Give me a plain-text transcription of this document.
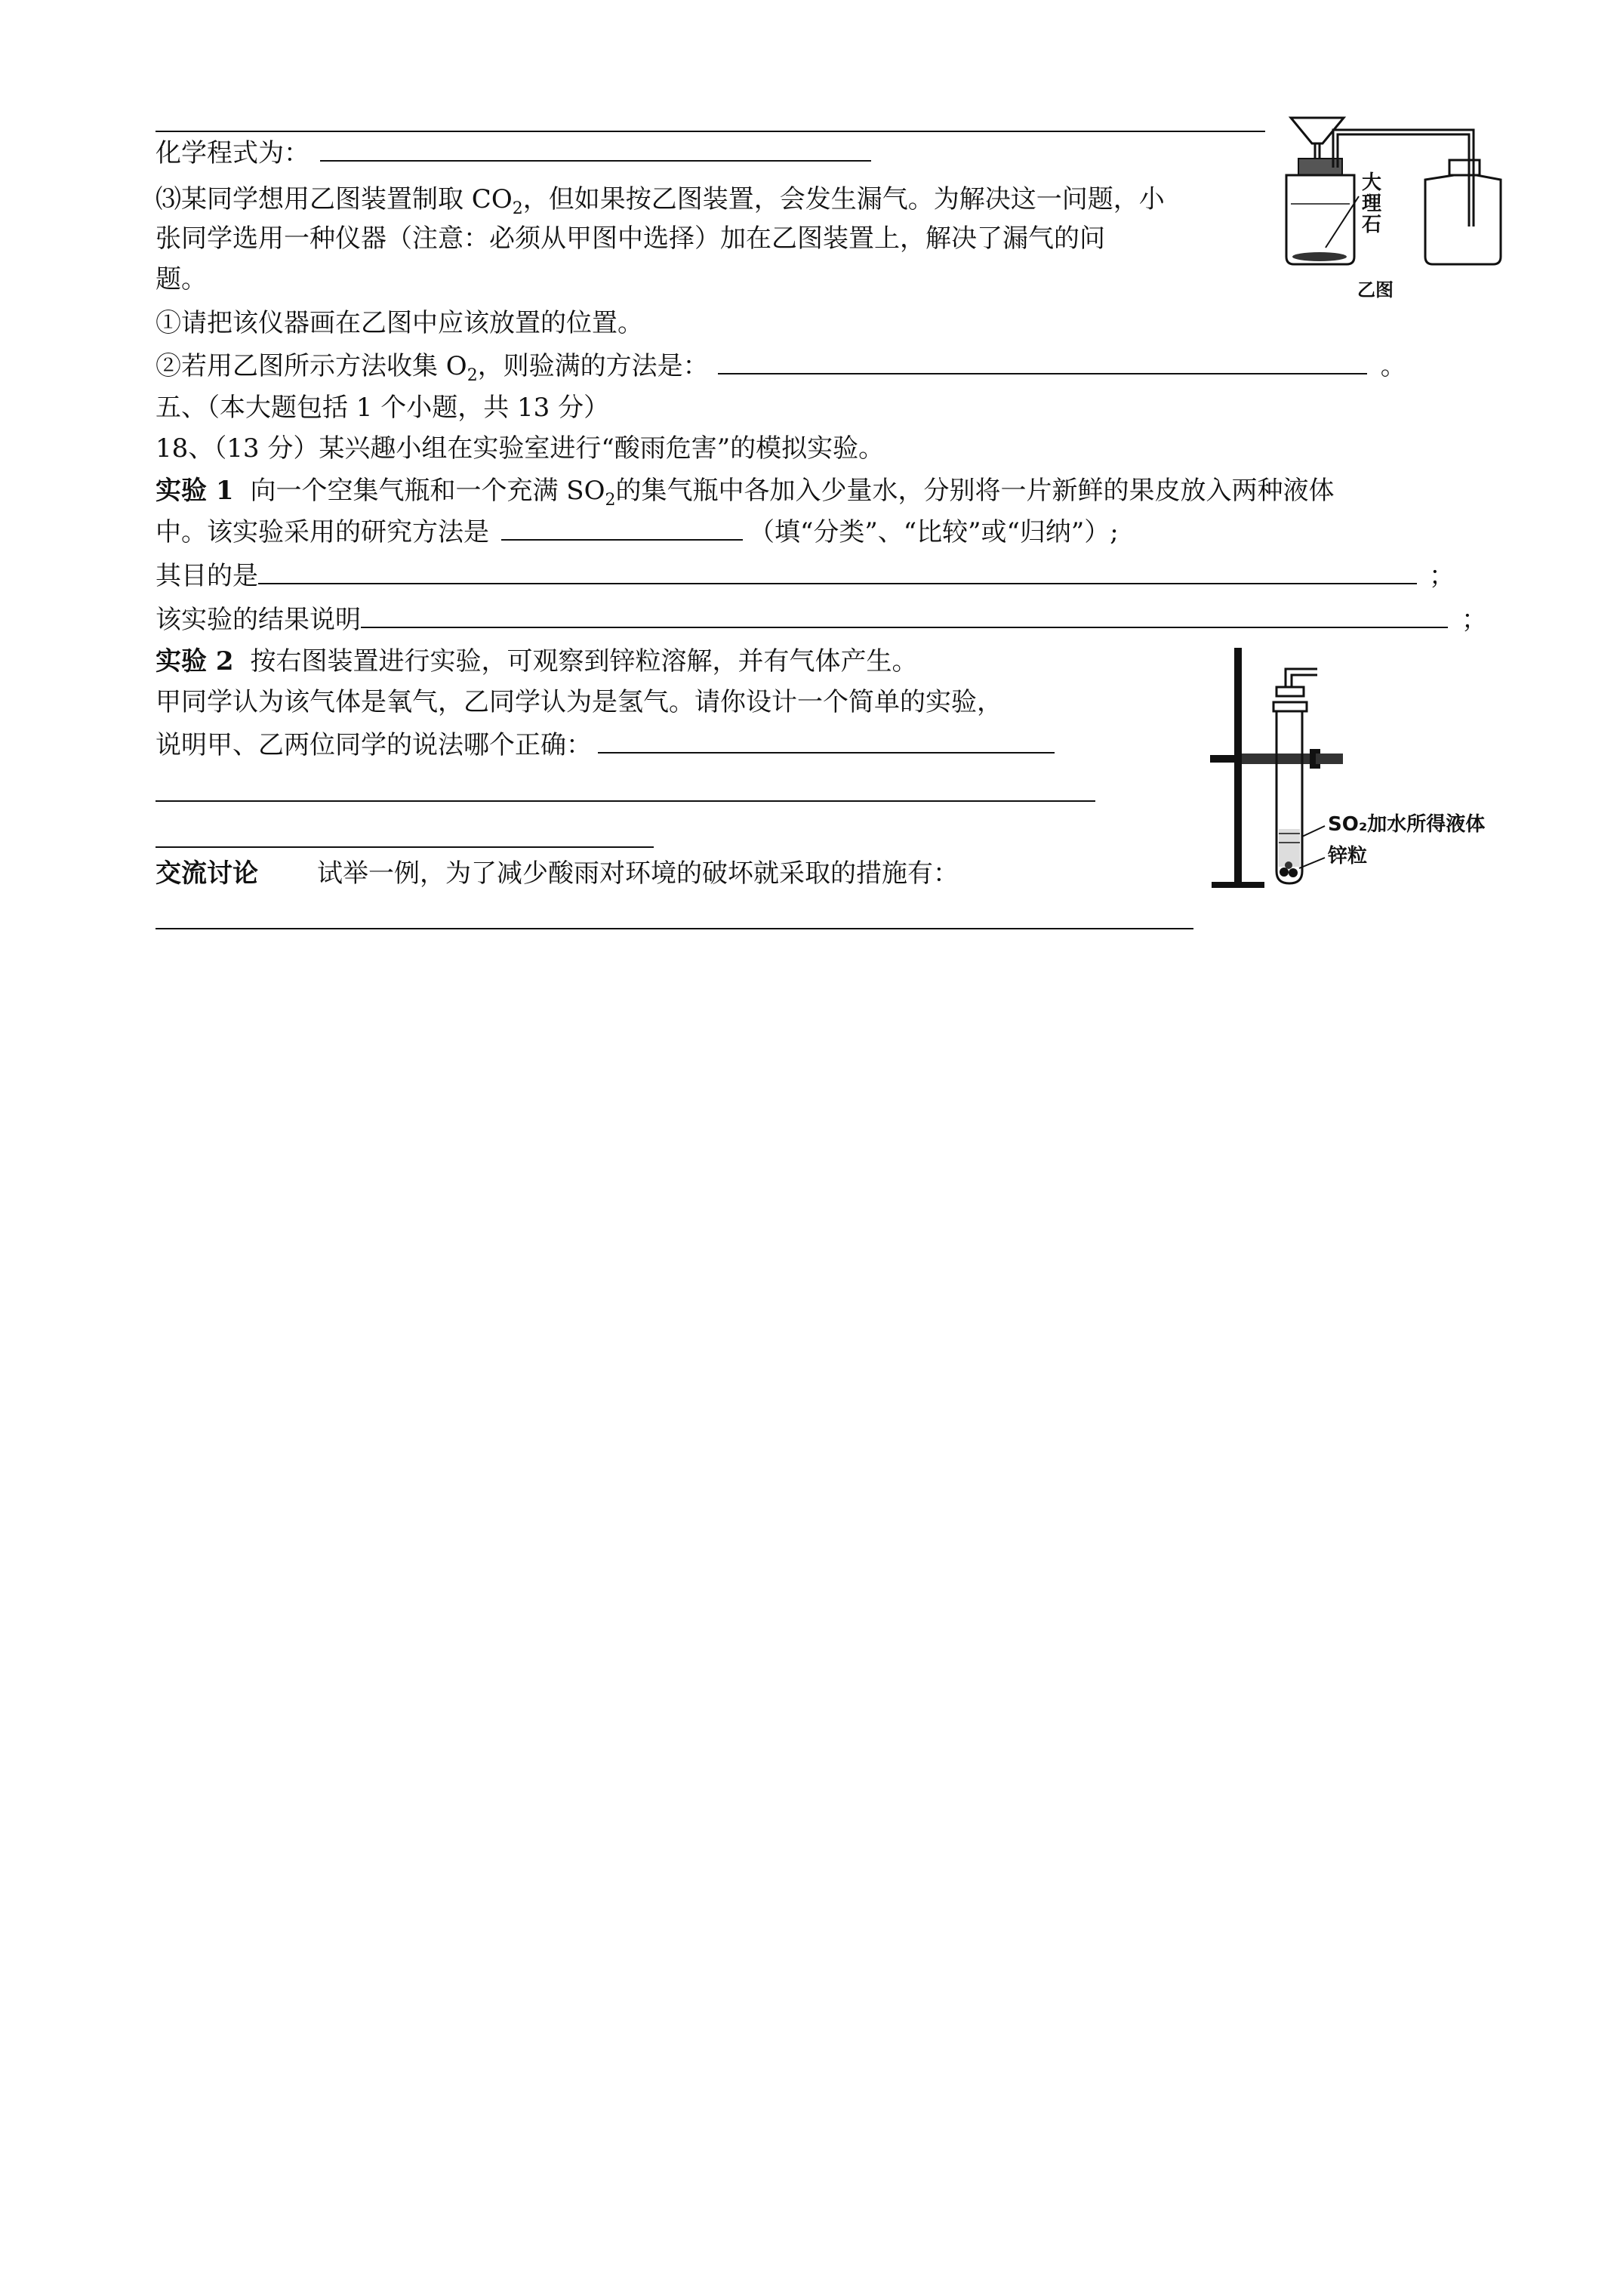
化学程式为：
⑶某同学想用乙图装置制取 $CO_2$，但如果按乙图装置，会发生漏气。为解决这一问题，小
张同学选用一种仪器（注意：必须从甲图中选择）加在乙图装置上，解决了漏气的问
题。
①请把该仪器画在乙图中应该放置的位置。
②若用乙图所示方法收集 $O_2$，则验满的方法是：	。
五、（本大题包括 1 个小题，共 13 分）
18、（13 分）某兴趣小组在实验室进行“酸雨危害”的模拟实验。
实验 1 向一个空集气瓶和一个充满 $SO_2$的集气瓶中各加入少量水，分别将一片新鲜的果皮放入两种液体
中。该实验采用的研究方法是	（填“分类”、“比较”或“归纳”）;
其目的是	；
该实验的结果说明	；
实验 2 按右图装置进行实验，可观察到锌粒溶解，并有气体产生。
甲同学认为该气体是氧气，乙同学认为是氢气。请你设计一个简单的实验，
说明甲、乙两位同学的说法哪个正确：
交流讨论 试举一例，为了减少酸雨对环境的破坏就采取的措施有：
大
理
石
乙图
SO₂加水所得液体
锌粒
